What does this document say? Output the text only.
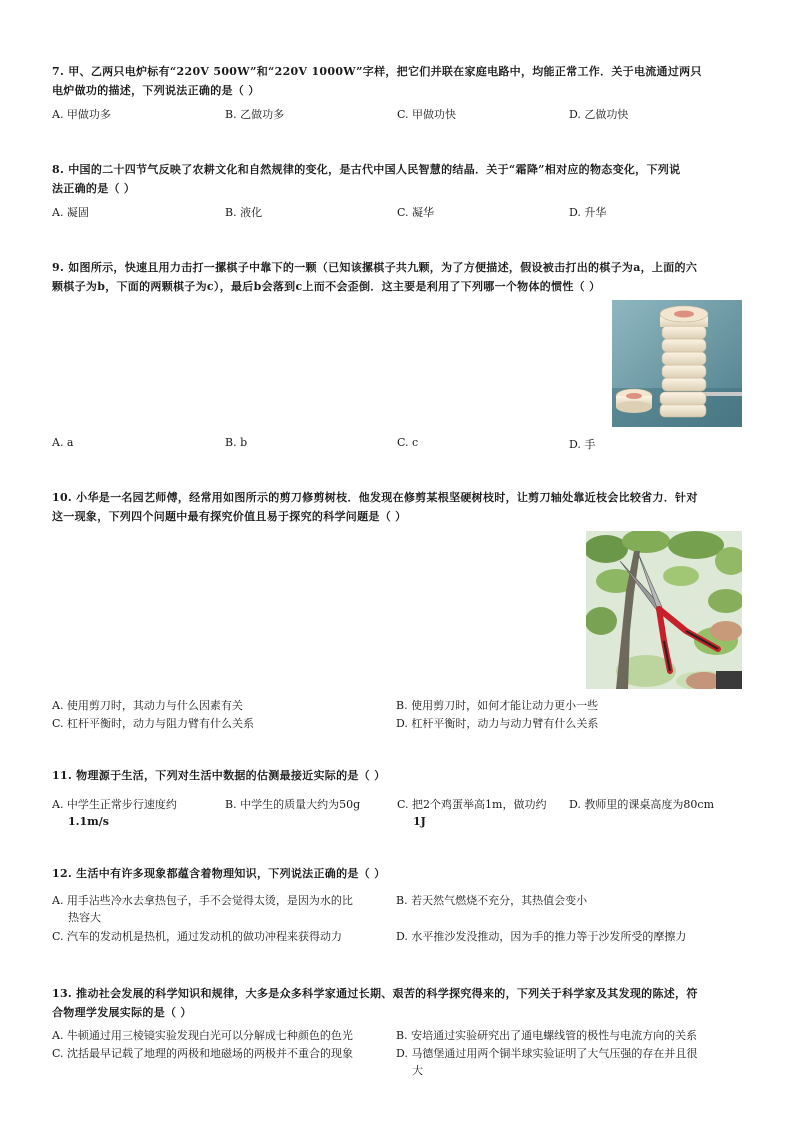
7. 甲、乙两只电炉标有“220V 500W”和“220V 1000W”字样，把它们并联在家庭电路中，均能正常工作．关于电流通过两只

电炉做功的描述，下列说法正确的是（ ）

A. 甲做功多	B. 乙做功多	C. 甲做功快	D. 乙做功快

8. 中国的二十四节气反映了农耕文化和自然规律的变化，是古代中国人民智慧的结晶．关于“霜降”相对应的物态变化，下列说

法正确的是（ ）

A. 凝固	B. 液化	C. 凝华	D. 升华

9. 如图所示，快速且用力击打一摞棋子中靠下的一颗（已知该摞棋子共九颗，为了方便描述，假设被击打出的棋子为a，上面的六

颗棋子为b，下面的两颗棋子为c），最后b会落到c上而不会歪倒．这主要是利用了下列哪一个物体的惯性（ ）

A. a	B. b	C. c	D. 手

10. 小华是一名园艺师傅，经常用如图所示的剪刀修剪树枝．他发现在修剪某根坚硬树枝时，让剪刀轴处靠近枝会比较省力．针对

这一现象，下列四个问题中最有探究价值且易于探究的科学问题是（ ）

A. 使用剪刀时，其动力与什么因素有关	B. 使用剪刀时，如何才能让动力更小一些
C. 杠杆平衡时，动力与阻力臂有什么关系	D. 杠杆平衡时，动力与动力臂有什么关系

11. 物理源于生活，下列对生活中数据的估测最接近实际的是（ ）

A. 中学生正常步行速度约
1.1m/s
B. 中学生的质量大约为50g	C. 把2个鸡蛋举高1m，做功约
1J
D. 教师里的课桌高度为80cm

12. 生活中有许多现象都蕴含着物理知识，下列说法正确的是（ ）

A. 用手沾些冷水去拿热包子，手不会觉得太烫，是因为水的比
热容大
B. 若天然气燃烧不充分，其热值会变小
C. 汽车的发动机是热机，通过发动机的做功冲程来获得动力	D. 水平推沙发没推动，因为手的推力等于沙发所受的摩擦力

13. 推动社会发展的科学知识和规律，大多是众多科学家通过长期、艰苦的科学探究得来的，下列关于科学家及其发现的陈述，符

合物理学发展实际的是（ ）

A. 牛顿通过用三棱镜实验发现白光可以分解成七种颜色的色光	B. 安培通过实验研究出了通电螺线管的极性与电流方向的关系
C. 沈括最早记载了地理的两极和地磁场的两极并不重合的现象	D. 马德堡通过用两个铜半球实验证明了大气压强的存在并且很
大
